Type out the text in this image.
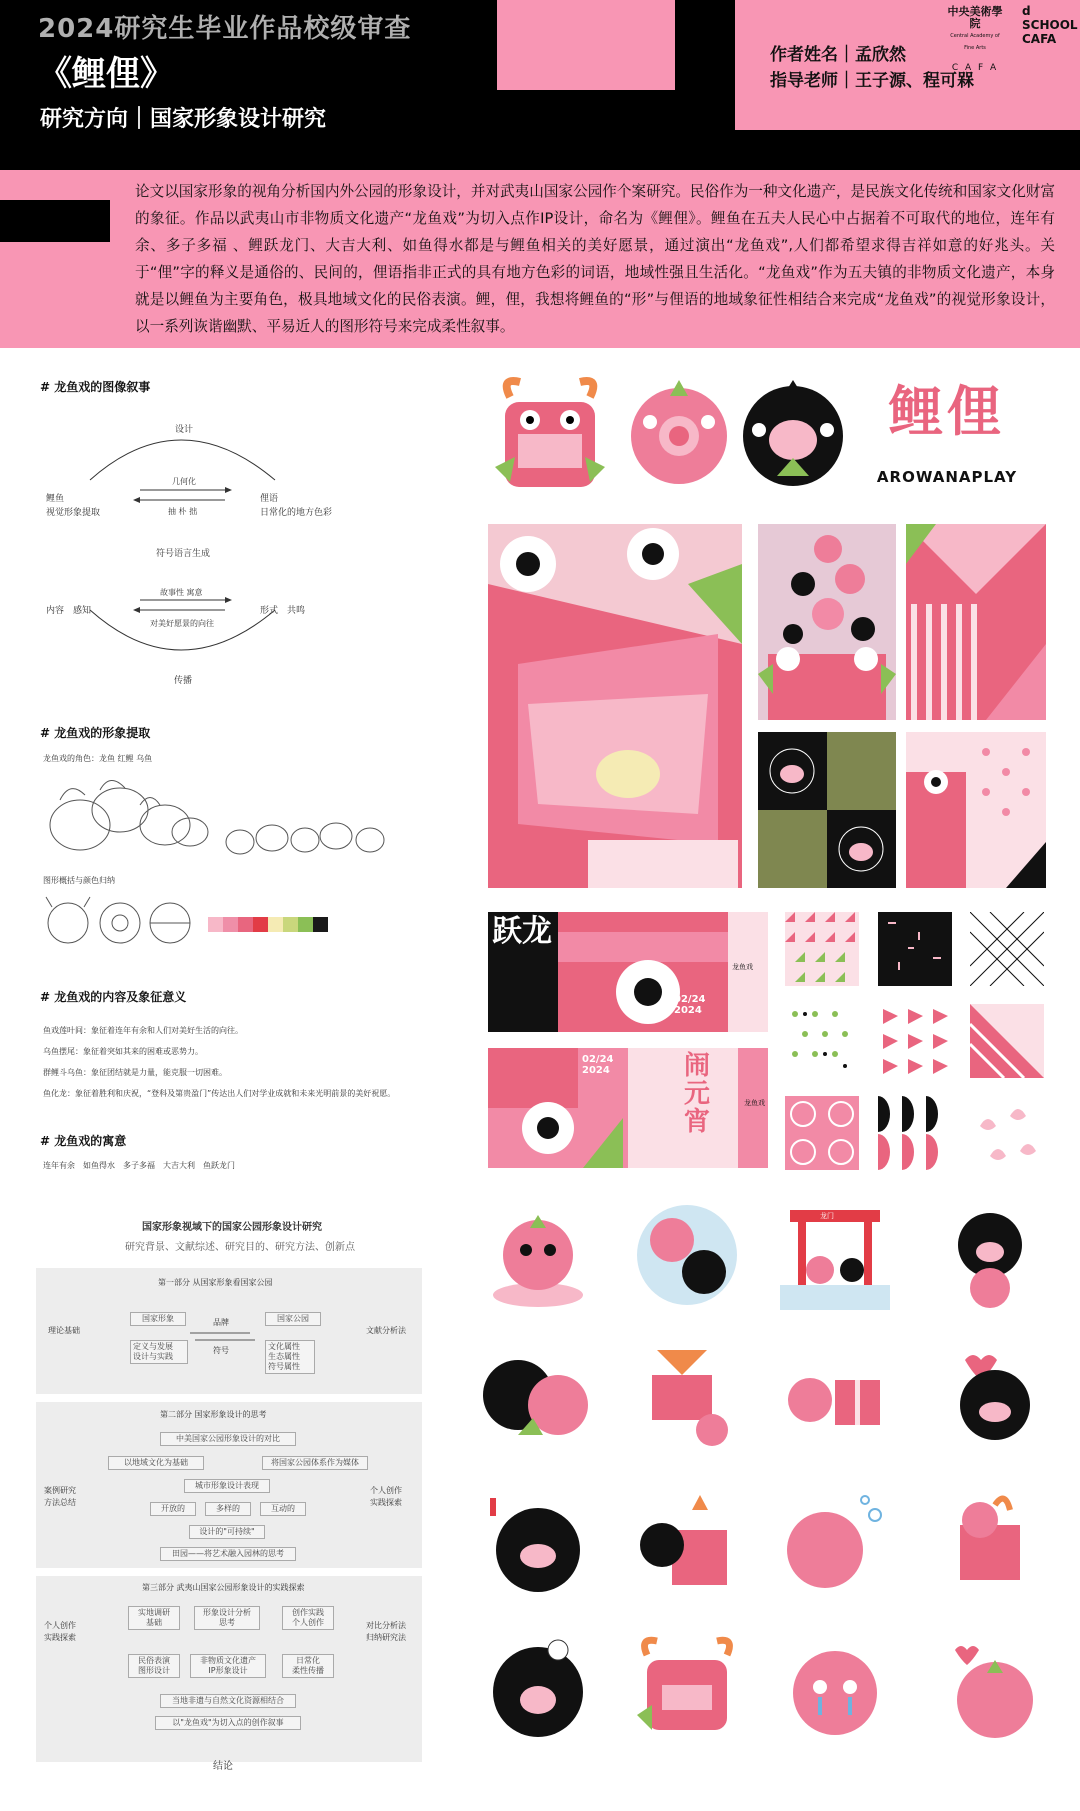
2024研究生毕业作品校级审查
《鲤俚》
研究方向｜国家形象设计研究
作者姓名｜孟欣然
指导老师｜王子源、程可槑
中央美術學院
Central Academy of Fine Arts
C A F A
d
SCHOOL
CAFA
论文以国家形象的视角分析国内外公园的形象设计，并对武夷山国家公园作个案研究。民俗作为一种文化遗产，是民族文化传统和国家文化财富的象征。作品以武夷山市非物质文化遗产“龙鱼戏”为切入点作IP设计，命名为《鲤俚》。鲤鱼在五夫人民心中占据着不可取代的地位，连年有余、多子多福 、鲤跃龙门、大吉大利、如鱼得水都是与鲤鱼相关的美好愿景，通过演出“龙鱼戏”,人们都希望求得吉祥如意的好兆头。关于“俚”字的释义是通俗的、民间的，俚语指非正式的具有地方色彩的词语，地域性强且生活化。“龙鱼戏”作为五夫镇的非物质文化遗产，本身就是以鲤鱼为主要角色，极具地域文化的民俗表演。鲤，俚，我想将鲤鱼的“形”与俚语的地域象征性相结合来完成“龙鱼戏”的视觉形象设计，以一系列诙谐幽默、平易近人的图形符号来完成柔性叙事。
# 龙鱼戏的图像叙事
设计
鲤鱼
视觉形象提取
俚语
日常化的地方色彩
几何化
抽 朴 拙
符号语言生成
内容　感知	形式　共鸣
故事性 寓意
对美好愿景的向往
传播
# 龙鱼戏的形象提取
龙鱼戏的角色：龙鱼 红鲤 乌鱼
图形概括与颜色归纳
# 龙鱼戏的内容及象征意义
鱼戏莲叶间：象征着连年有余和人们对美好生活的向往。
乌鱼摆尾：象征着突如其来的困难或恶势力。
群鲤斗乌鱼：象征团结就是力量，能克服一切困难。
鱼化龙：象征着胜利和庆祝，“登科及第贵盈门”传达出人们对学业成就和未来光明前景的美好祝愿。
# 龙鱼戏的寓意
连年有余　如鱼得水　多子多福　大吉大利　鱼跃龙门
国家形象视域下的国家公园形象设计研究
研究背景、文献综述、研究目的、研究方法、创新点
第一部分 从国家形象看国家公园
理论基础	文献分析法
国家形象	国家公园
品牌
符号
定义与发展
设计与实践
文化属性
生态属性
符号属性
第二部分 国家形象设计的思考
案例研究
方法总结
个人创作
实践探索
中美国家公园形象设计的对比
以地域文化为基础	将国家公园体系作为媒体
城市形象设计表现
开放的	多样的	互动的
设计的"可持续"
田园——将艺术融入园林的思考
第三部分 武夷山国家公园形象设计的实践探索
个人创作
实践探索
对比分析法
归纳研究法
实地调研
基础
形象设计分析
思考
创作实践
个人创作
民俗表演
图形设计
非物质文化遗产
IP形象设计
日常化
柔性传播
当地非遗与自然文化资源相结合
以"龙鱼戏"为切入点的创作叙事
结论
鲤俚
AROWANAPLAY
跃龙
02/24
2024
龙鱼戏
02/24
2024	闹元宵
龙鱼戏
龙门
